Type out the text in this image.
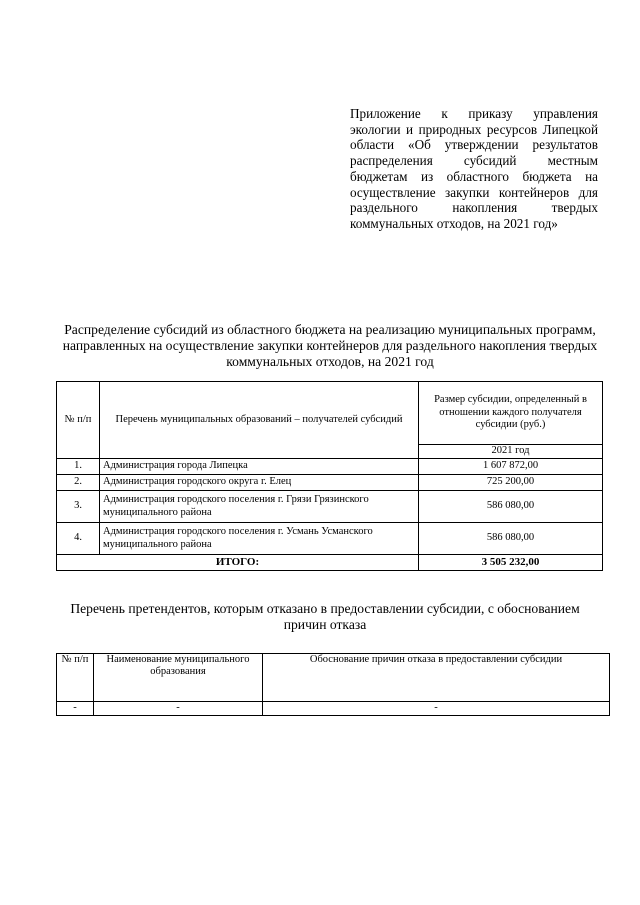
Приложение к приказу управления экологии и природных ресурсов Липецкой области «Об утверждении результатов распределения субсидий местным бюджетам из областного бюджета на осуществление закупки контейнеров для раздельного накопления твердых коммунальных отходов, на 2021 год»
Распределение субсидий из областного бюджета на реализацию муниципальных программ, направленных на осуществление закупки контейнеров для раздельного накопления твердых коммунальных отходов, на 2021 год
№ п/п	Перечень муниципальных образований – получателей субсидий	Размер субсидии, определенный в отношении каждого получателя субсидии (руб.)
		2021 год
1.	Администрация города Липецка	1 607 872,00
2.	Администрация городского округа г. Елец	725 200,00
3.	Администрация городского поселения г. Грязи Грязинского муниципального района	586 080,00
4.	Администрация городского поселения г. Усмань Усманского муниципального района	586 080,00
ИТОГО:		3 505 232,00
Перечень претендентов, которым отказано в предоставлении субсидии, с обоснованием причин отказа
№ п/п	Наименование муниципального образования	Обоснование причин отказа в предоставлении субсидии
-	-	-
